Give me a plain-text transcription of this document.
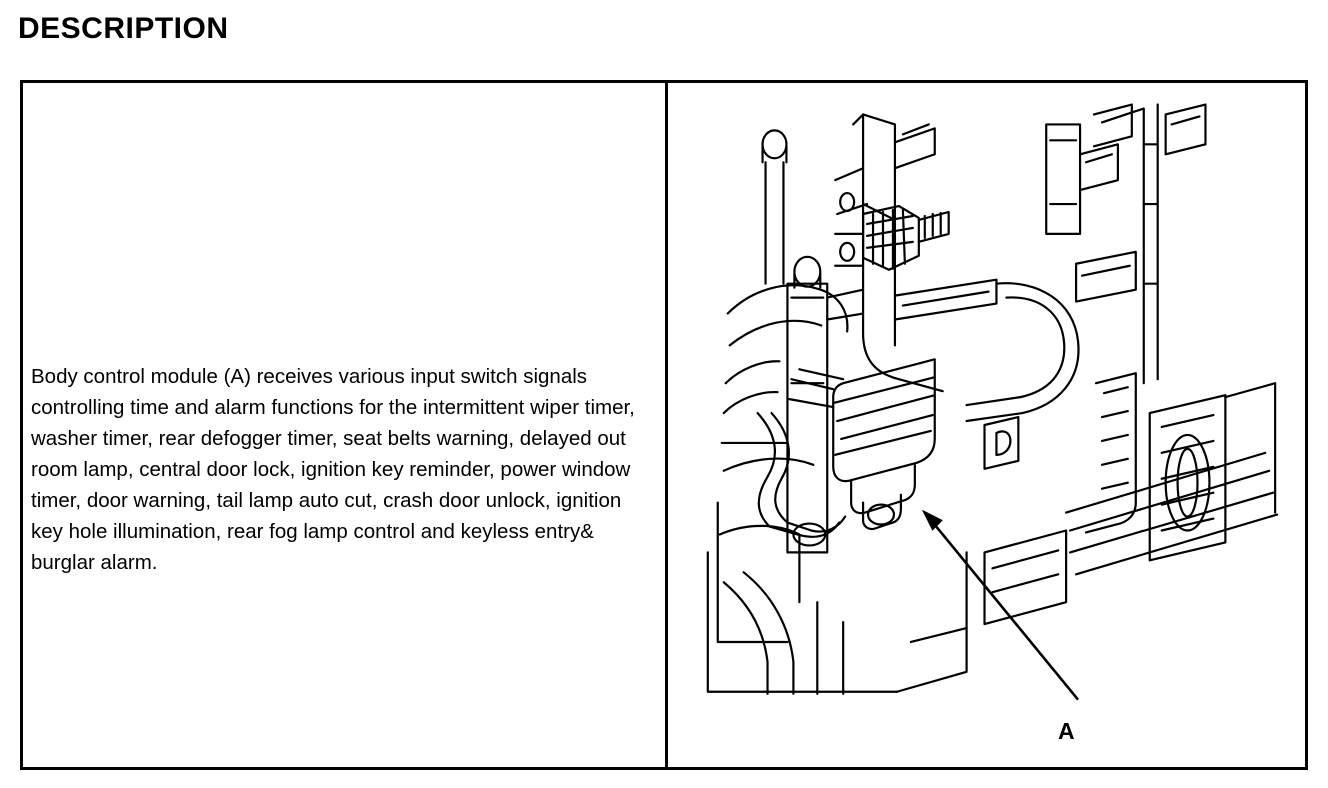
DESCRIPTION
Body control module (A) receives various input switch signals controlling time and alarm functions for the intermittent wiper timer, washer timer, rear defogger timer, seat belts warning, delayed out room lamp, central door lock, ignition key reminder, power window timer, door warning, tail lamp auto cut, crash door unlock, ignition key hole illumination, rear fog lamp control and keyless entry& burglar alarm.
A
